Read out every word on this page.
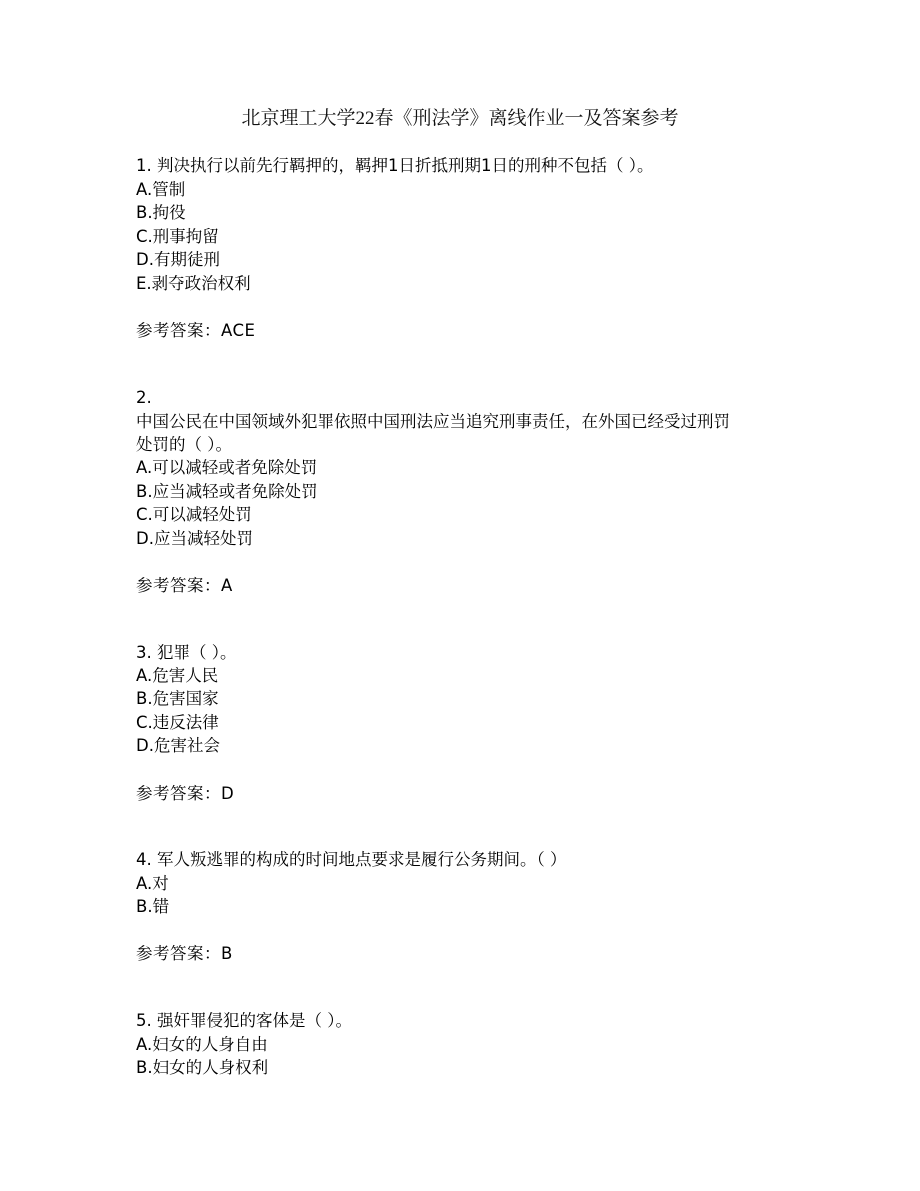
北京理工大学22春《刑法学》离线作业一及答案参考
1. 判决执行以前先行羁押的，羁押1日折抵刑期1日的刑种不包括（ ）。
A.管制
B.拘役
C.刑事拘留
D.有期徒刑
E.剥夺政治权利
参考答案：ACE
2.
中国公民在中国领域外犯罪依照中国刑法应当追究刑事责任，在外国已经受过刑罚
处罚的（ ）。
A.可以减轻或者免除处罚
B.应当减轻或者免除处罚
C.可以减轻处罚
D.应当减轻处罚
参考答案：A
3. 犯罪（ ）。
A.危害人民
B.危害国家
C.违反法律
D.危害社会
参考答案：D
4. 军人叛逃罪的构成的时间地点要求是履行公务期间。（ ）
A.对
B.错
参考答案：B
5. 强奸罪侵犯的客体是（ ）。
A.妇女的人身自由
B.妇女的人身权利
